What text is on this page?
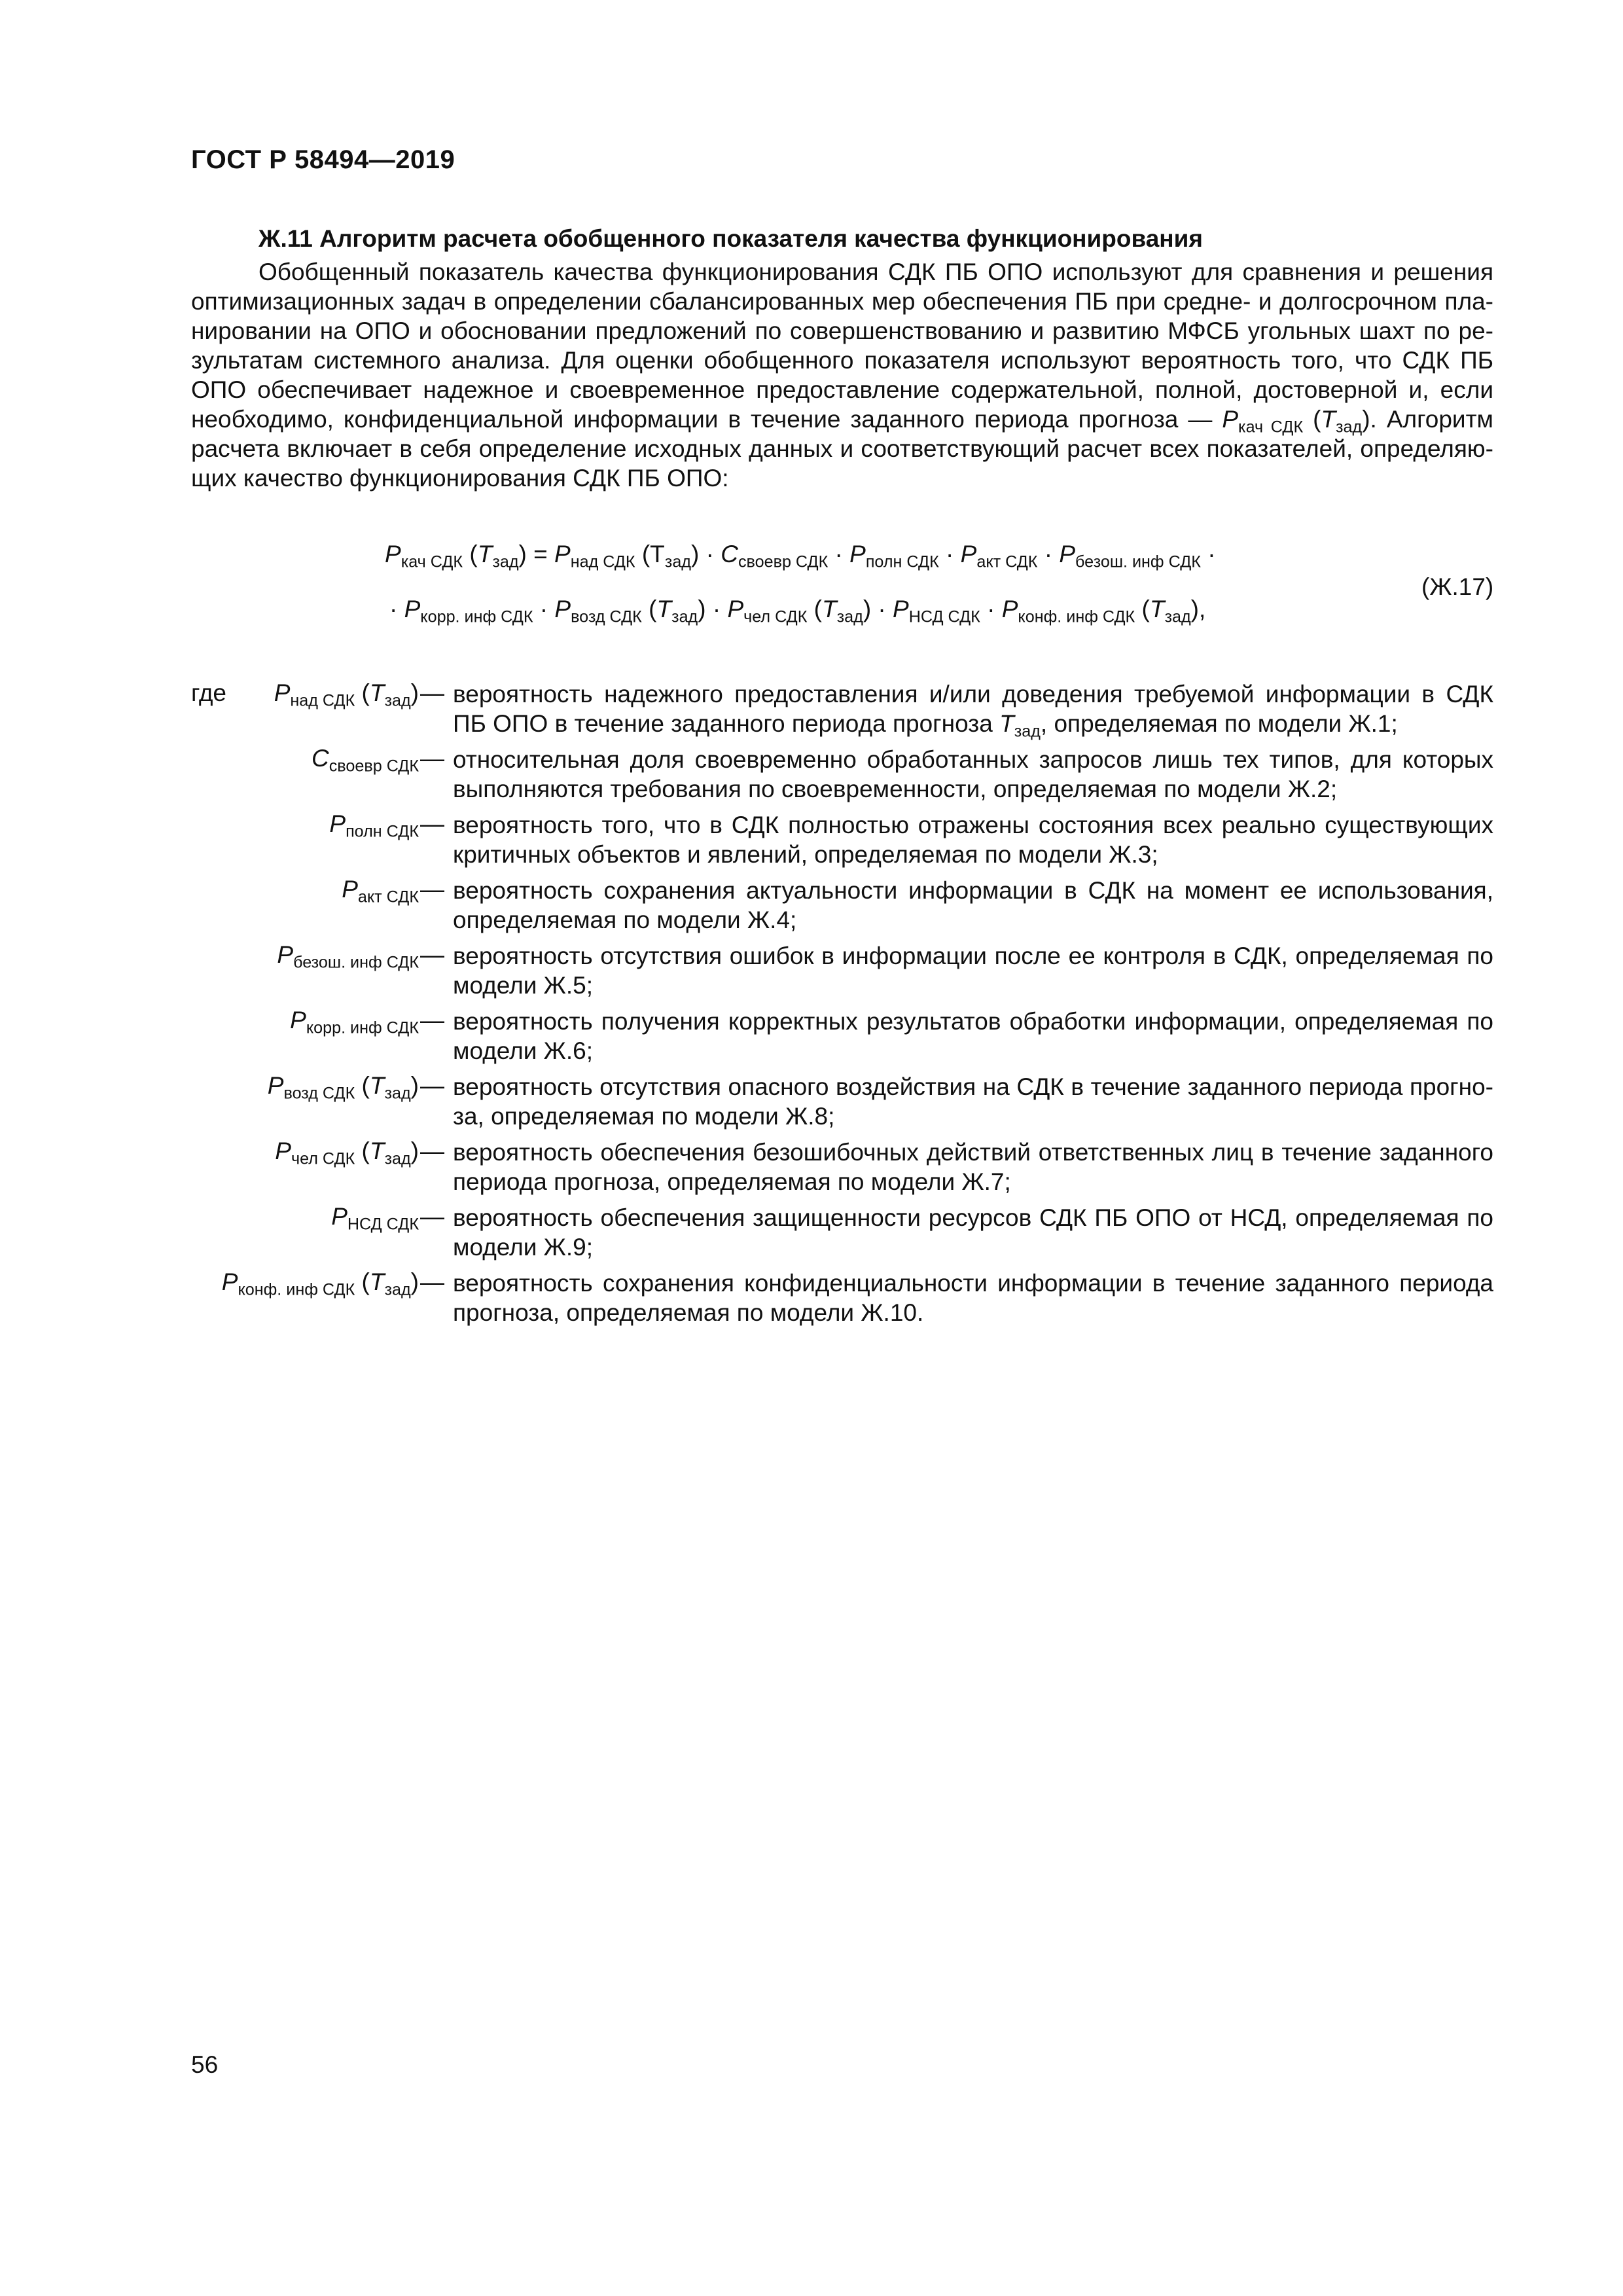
ГОСТ Р 58494—2019
Ж.11 Алгоритм расчета обобщенного показателя качества функционирования
Обобщенный показатель качества функционирования СДК ПБ ОПО используют для сравнения и решения оптимизационных задач в определении сбалансированных мер обеспечения ПБ при средне- и долгосрочном пла-нировании на ОПО и обосновании предложений по совершенствованию и развитию МФСБ угольных шахт по ре-зультатам системного анализа. Для оценки обобщенного показателя используют вероятность того, что СДК ПБ ОПО обеспечивает надежное и своевременное предоставление содержательной, полной, достоверной и, если необходимо, конфиденциальной информации в течение заданного периода прогноза — $P_{кач СДК}$ $(T_{зад})$. Алгоритм расчета включает в себя определение исходных данных и соответствующий расчет всех показателей, определяю-щих качество функционирования СДК ПБ ОПО:
$P_{кач СДК}$ $(T_{зад}) = P_{над СДК}$ $(Т_{зад}) \cdot C_{своевр СДК} \cdot P_{полн СДК} \cdot P_{акт СДК} \cdot P_{безош. инф СДК}$ ·
· $P_{корр. инф СДК} \cdot P_{возд СДК}$ $(T_{зад}) \cdot P_{чел СДК}$ $(T_{зад}) \cdot P_{НСД СДК} \cdot P_{конф. инф СДК}$ $(T_{зад})$,
(Ж.17)
где $P_{над СДК}$ $(T_{зад})$ — вероятность надежного предоставления и/или доведения требуемой информации в СДК ПБ ОПО в течение заданного периода прогноза $T_{зад}$, определяемая по модели Ж.1;
$C_{своевр СДК}$ — относительная доля своевременно обработанных запросов лишь тех типов, для которых выполняются требования по своевременности, определяемая по модели Ж.2;
$P_{полн СДК}$ — вероятность того, что в СДК полностью отражены состояния всех реально существующих критичных объектов и явлений, определяемая по модели Ж.3;
$P_{акт СДК}$ — вероятность сохранения актуальности информации в СДК на момент ее использования, определяемая по модели Ж.4;
$P_{безош. инф СДК}$ — вероятность отсутствия ошибок в информации после ее контроля в СДК, определяемая по модели Ж.5;
$P_{корр. инф СДК}$ — вероятность получения корректных результатов обработки информации, определяемая по модели Ж.6;
$P_{возд СДК}$ $(T_{зад})$ — вероятность отсутствия опасного воздействия на СДК в течение заданного периода прогно-за, определяемая по модели Ж.8;
$P_{чел СДК}$ $(T_{зад})$ — вероятность обеспечения безошибочных действий ответственных лиц в течение заданного периода прогноза, определяемая по модели Ж.7;
$P_{НСД СДК}$ — вероятность обеспечения защищенности ресурсов СДК ПБ ОПО от НСД, определяемая по модели Ж.9;
$P_{конф. инф СДК}$ $(T_{зад})$ — вероятность сохранения конфиденциальности информации в течение заданного периода прогноза, определяемая по модели Ж.10.
56
